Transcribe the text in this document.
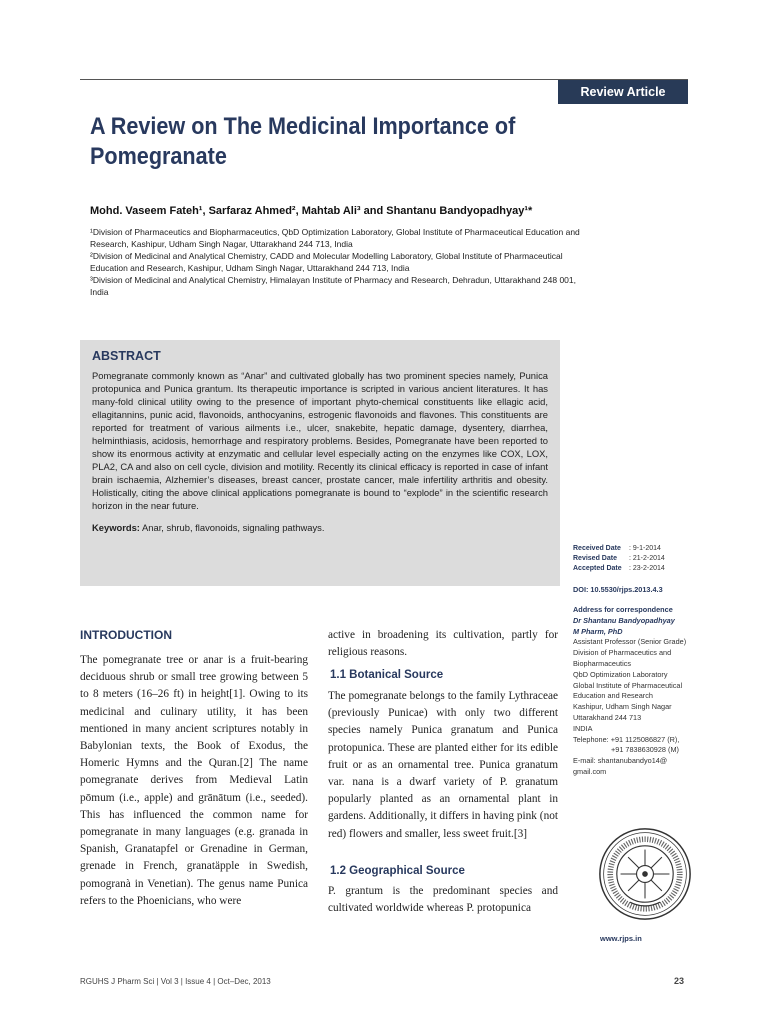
Review Article
A Review on The Medicinal Importance of Pomegranate

Mohd. Vaseem Fateh¹, Sarfaraz Ahmed², Mahtab Ali³ and Shantanu Bandyopadhyay¹*

¹Division of Pharmaceutics and Biopharmaceutics, QbD Optimization Laboratory, Global Institute of Pharmaceutical Education and Research, Kashipur, Udham Singh Nagar, Uttarakhand 244 713, India

²Division of Medicinal and Analytical Chemistry, CADD and Molecular Modelling Laboratory, Global Institute of Pharmaceutical Education and Research, Kashipur, Udham Singh Nagar, Uttarakhand 244 713, India

³Division of Medicinal and Analytical Chemistry, Himalayan Institute of Pharmacy and Research, Dehradun, Uttarakhand 248 001, India

ABSTRACT

Pomegranate commonly known as “Anar” and cultivated globally has two prominent species namely, Punica protopunica and Punica grantum. Its therapeutic importance is scripted in various ancient literatures. It has many-fold clinical utility owing to the presence of important phyto-chemical constituents like ellagic acid, ellagitannins, punic acid, flavonoids, anthocyanins, estrogenic flavonoids and flavones. This constituents are reported for treatment of various ailments i.e., ulcer, snakebite, hepatic damage, dysentery, diarrhea, helminthiasis, acidosis, hemorrhage and respiratory problems. Besides, Pomegranate have been reported to show its enormous activity at enzymatic and cellular level especially acting on the enzymes like COX, LOX, PLA2, CA and also on cell cycle, division and motility. Recently its clinical efficacy is reported in case of infant brain ischaemia, Alzhemier’s diseases, breast cancer, prostate cancer, male infertility arthritis and obesity. Holistically, citing the above clinical applications pomegranate is bound to “explode” in the scientific research horizon in the near future.

Keywords: Anar, shrub, flavonoids, signaling pathways.

Received Date	: 9-1-2014
Revised Date	: 21-2-2014
Accepted Date	: 23-2-2014
DOI: 10.5530/rjps.2013.4.3
Address for correspondence
Dr Shantanu Bandyopadhyay
M Pharm, PhD
Assistant Professor (Senior Grade)
Division of Pharmaceutics and Biopharmaceutics
QbD Optimization Laboratory
Global Institute of Pharmaceutical Education and Research
Kashipur, Udham Singh Nagar
Uttarakhand 244 713
INDIA
Telephone: +91 1125086827 (R),
+91 7838630928 (M)
E-mail: shantanubandyo14@ gmail.com
www.rjps.in
INTRODUCTION

The pomegranate tree or anar is a fruit-bearing deciduous shrub or small tree growing between 5 to 8 meters (16–26 ft) in height[1]. Owing to its medicinal and culinary utility, it has been mentioned in many ancient scriptures notably in Babylonian texts, the Book of Exodus, the Homeric Hymns and the Quran.[2] The name pomegranate derives from Medieval Latin pōmum (i.e., apple) and grānātum (i.e., seeded). This has influenced the common name for pomegranate in many languages (e.g. granada in Spanish, Granatapfel or Grenadine in German, grenade in French, granatäpple in Swedish, pomogranà in Venetian). The genus name Punica refers to the Phoenicians, who were

active in broadening its cultivation, partly for religious reasons.

1.1 Botanical Source

The pomegranate belongs to the family Lythraceae (previously Punicae) with only two different species namely Punica granatum and Punica protopunica. These are planted either for its edible fruit or as an ornamental tree. Punica granatum var. nana is a dwarf variety of P. granatum popularly planted as an ornamental plant in gardens. Additionally, it differs in having pink (not red) flowers and smaller, less sweet fruit.[3]

1.2 Geographical Source

P. grantum is the predominant species and cultivated worldwide whereas P. protopunica

RGUHS J Pharm Sci | Vol 3 | Issue 4 | Oct–Dec, 2013	23
